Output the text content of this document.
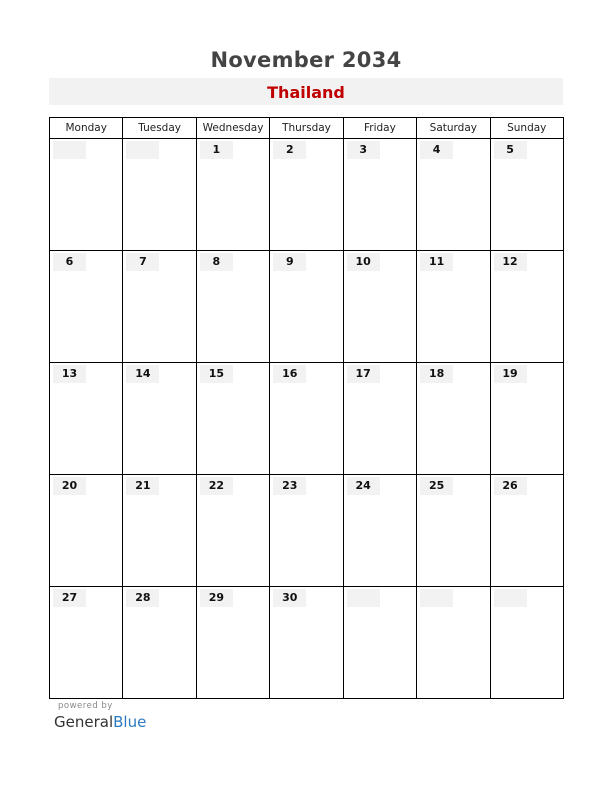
November 2034
Thailand
Monday	Tuesday	Wednesday	Thursday	Friday	Saturday	Sunday

		1	2	3	4	5

6	7	8	9	10	11	12

13	14	15	16	17	18	19

20	21	22	23	24	25	26

27	28	29	30			

powered by
GeneralBlue
